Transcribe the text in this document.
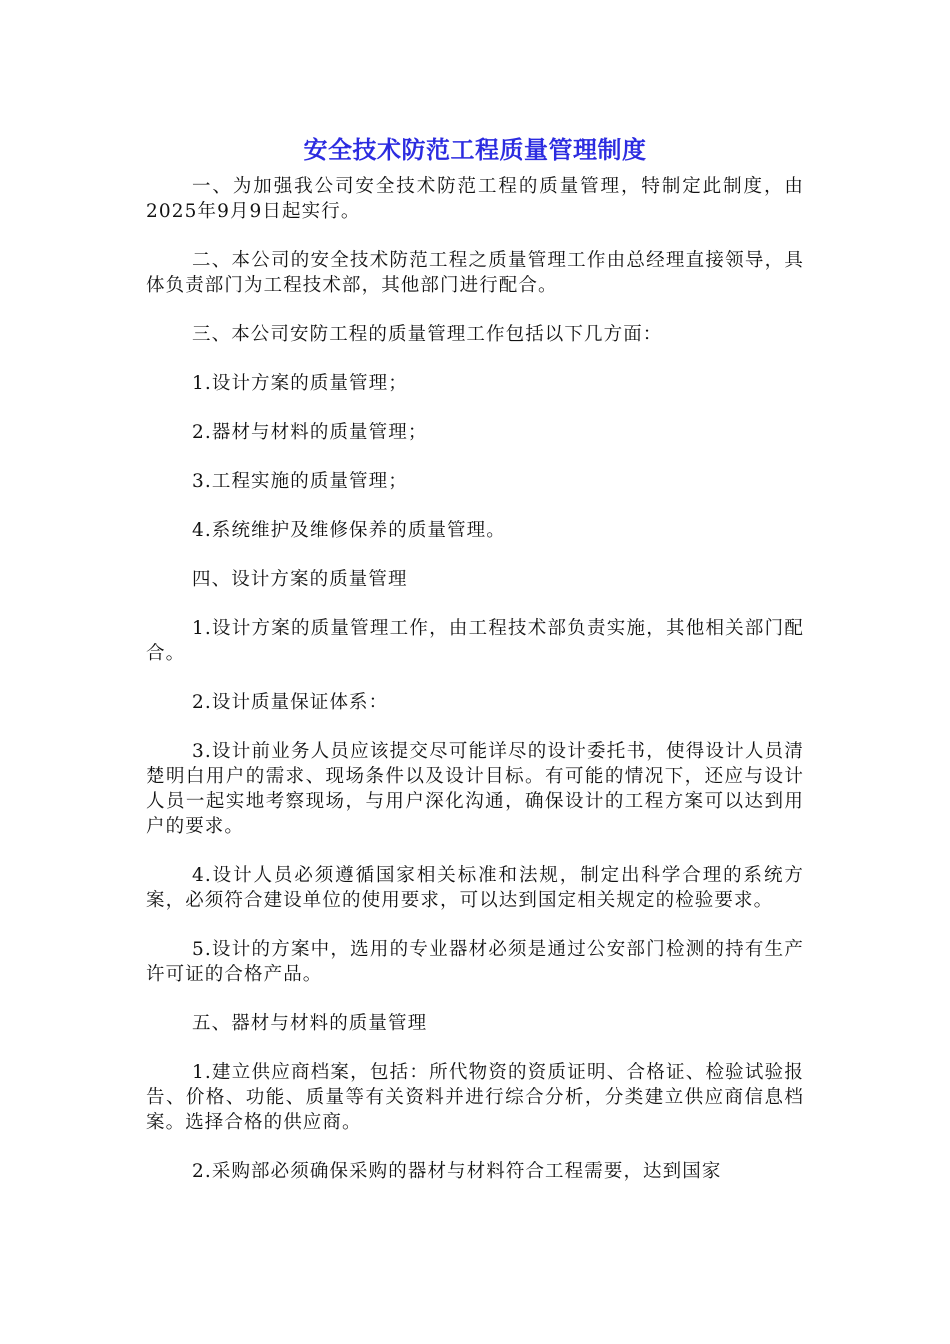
安全技术防范工程质量管理制度

一、为加强我公司安全技术防范工程的质量管理，特制定此制度，由2025年9月9日起实行。

二、本公司的安全技术防范工程之质量管理工作由总经理直接领导，具体负责部门为工程技术部，其他部门进行配合。

三、本公司安防工程的质量管理工作包括以下几方面：

1.设计方案的质量管理；

2.器材与材料的质量管理；

3.工程实施的质量管理；

4.系统维护及维修保养的质量管理。

四、设计方案的质量管理

1.设计方案的质量管理工作，由工程技术部负责实施，其他相关部门配合。

2.设计质量保证体系：

3.设计前业务人员应该提交尽可能详尽的设计委托书，使得设计人员清楚明白用户的需求、现场条件以及设计目标。有可能的情况下，还应与设计人员一起实地考察现场，与用户深化沟通，确保设计的工程方案可以达到用户的要求。

4.设计人员必须遵循国家相关标准和法规，制定出科学合理的系统方案，必须符合建设单位的使用要求，可以达到国定相关规定的检验要求。

5.设计的方案中，选用的专业器材必须是通过公安部门检测的持有生产许可证的合格产品。

五、器材与材料的质量管理

1.建立供应商档案，包括：所代物资的资质证明、合格证、检验试验报告、价格、功能、质量等有关资料并进行综合分析，分类建立供应商信息档案。选择合格的供应商。

2.采购部必须确保采购的器材与材料符合工程需要，达到国家
